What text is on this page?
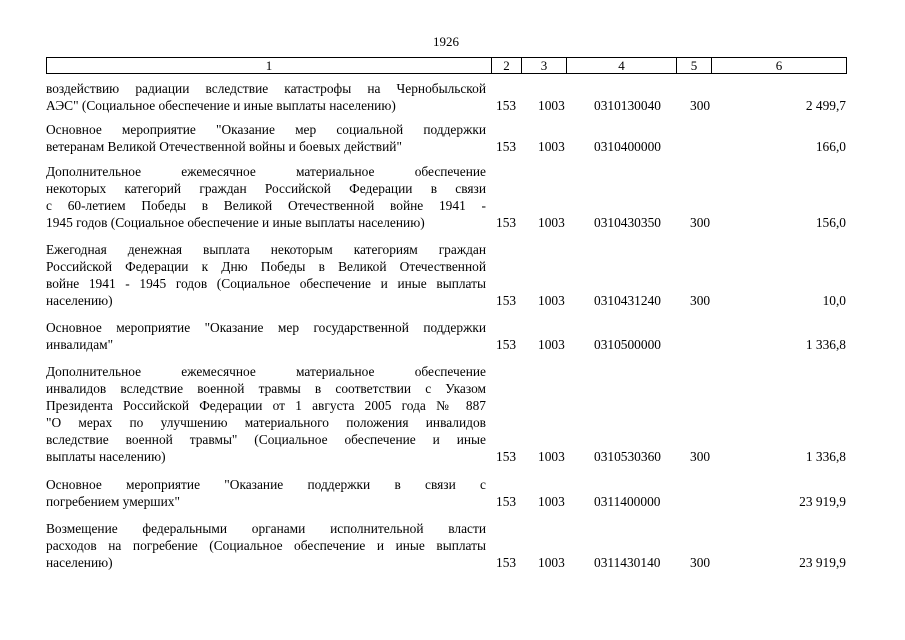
1926
1	2	3	4	5	6
воздействию радиации вследствие катастрофы на Чернобыльской
АЭС" (Социальное обеспечение и иные выплаты населению)	153 1003 0310130040 300	2 499,7
Основное мероприятие "Оказание мер социальной поддержки
ветеранам Великой Отечественной войны и боевых действий"	153 1003 0310400000	166,0
Дополнительное ежемесячное материальное обеспечение
некоторых категорий граждан Российской Федерации в связи
с 60-летием Победы в Великой Отечественной войне 1941 -
1945 годов (Социальное обеспечение и иные выплаты населению)	153 1003 0310430350 300	156,0
Ежегодная денежная выплата некоторым категориям граждан
Российской Федерации к Дню Победы в Великой Отечественной
войне 1941 - 1945 годов (Социальное обеспечение и иные выплаты
населению)	153 1003 0310431240 300	10,0
Основное мероприятие "Оказание мер государственной поддержки
инвалидам"	153 1003 0310500000	1 336,8
Дополнительное ежемесячное материальное обеспечение
инвалидов вследствие военной травмы в соответствии с Указом
Президента Российской Федерации от 1 августа 2005 года № 887
"О мерах по улучшению материального положения инвалидов
вследствие военной травмы" (Социальное обеспечение и иные
выплаты населению)	153 1003 0310530360 300	1 336,8
Основное мероприятие "Оказание поддержки в связи с
погребением умерших"	153 1003 0311400000	23 919,9
Возмещение федеральными органами исполнительной власти
расходов на погребение (Социальное обеспечение и иные выплаты
населению)	153 1003 0311430140 300	23 919,9
